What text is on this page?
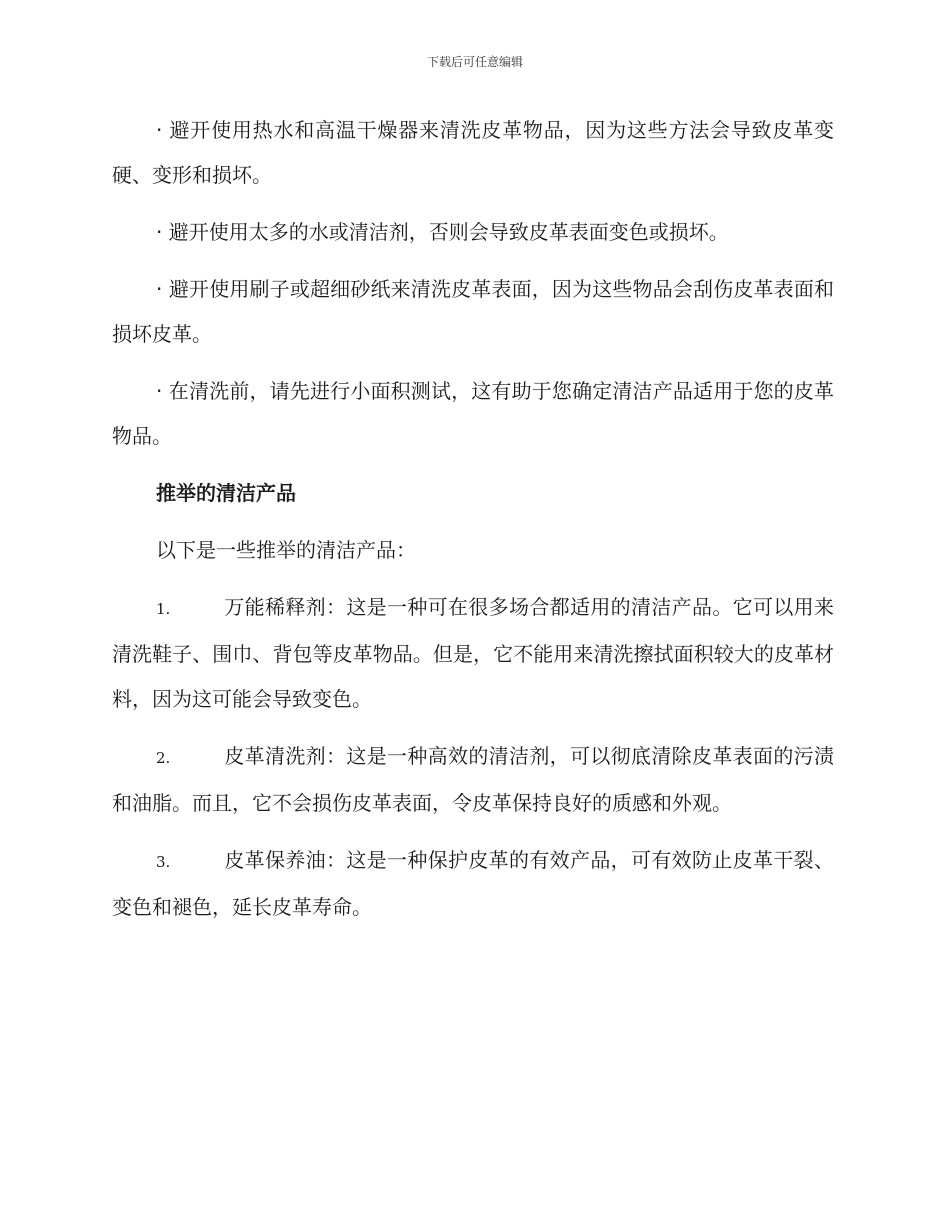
下载后可任意编辑

· 避开使用热水和高温干燥器来清洗皮革物品，因为这些方法会导致皮革变硬、变形和损坏。

· 避开使用太多的水或清洁剂，否则会导致皮革表面变色或损坏。

· 避开使用刷子或超细砂纸来清洗皮革表面，因为这些物品会刮伤皮革表面和损坏皮革。

· 在清洗前，请先进行小面积测试，这有助于您确定清洁产品适用于您的皮革物品。

推举的清洁产品

以下是一些推举的清洁产品：

1.	万能稀释剂：这是一种可在很多场合都适用的清洁产品。它可以用来清洗鞋子、围巾、背包等皮革物品。但是，它不能用来清洗擦拭面积较大的皮革材料，因为这可能会导致变色。

2.	皮革清洗剂：这是一种高效的清洁剂，可以彻底清除皮革表面的污渍和油脂。而且，它不会损伤皮革表面，令皮革保持良好的质感和外观。

3.	皮革保养油：这是一种保护皮革的有效产品，可有效防止皮革干裂、变色和褪色，延长皮革寿命。
